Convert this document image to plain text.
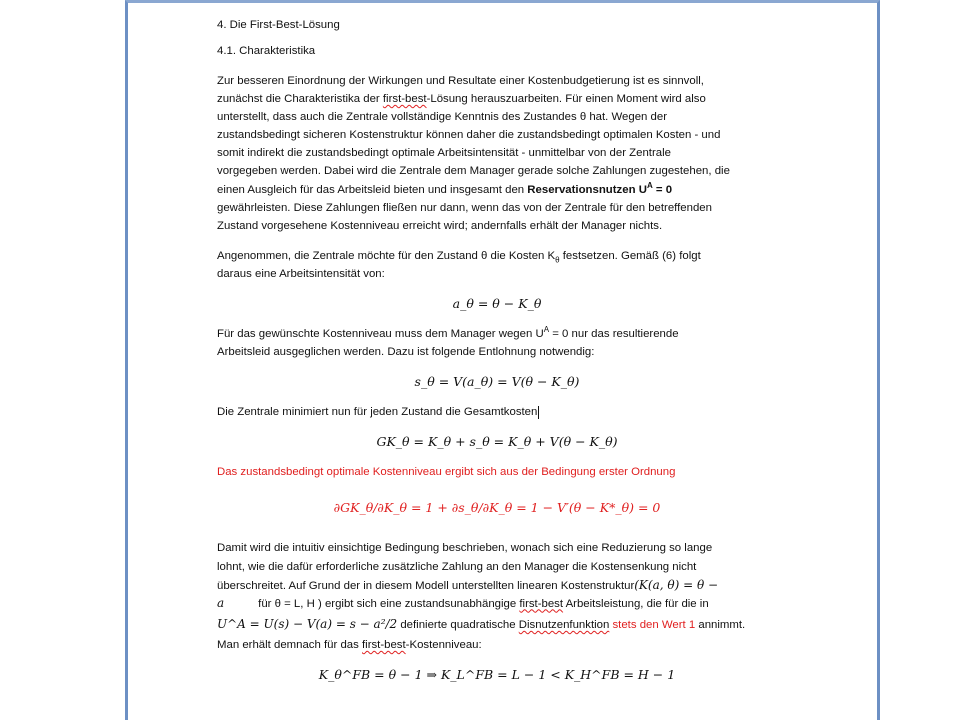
4. Die First-Best-Lösung
4.1. Charakteristika
Zur besseren Einordnung der Wirkungen und Resultate einer Kostenbudgetierung ist es sinnvoll,
zunächst die Charakteristika der first-best-Lösung herauszuarbeiten. Für einen Moment wird also
unterstellt, dass auch die Zentrale vollständige Kenntnis des Zustandes θ hat. Wegen der
zustandsbedingt sicheren Kostenstruktur können daher die zustandsbedingt optimalen Kosten - und
somit indirekt die zustandsbedingt optimale Arbeitsintensität - unmittelbar von der Zentrale
vorgegeben werden. Dabei wird die Zentrale dem Manager gerade solche Zahlungen zugestehen, die
einen Ausgleich für das Arbeitsleid bieten und insgesamt den Reservationsnutzen $U^A = 0$
gewährleisten. Diese Zahlungen fließen nur dann, wenn das von der Zentrale für den betreffenden
Zustand vorgesehene Kostenniveau erreicht wird; andernfalls erhält der Manager nichts.
Angenommen, die Zentrale möchte für den Zustand θ die Kosten $K_\theta$ festsetzen. Gemäß (6) folgt
daraus eine Arbeitsintensität von:
a_θ = θ − K_θ
Für das gewünschte Kostenniveau muss dem Manager wegen $U^A = 0$ nur das resultierende
Arbeitsleid ausgeglichen werden. Dazu ist folgende Entlohnung notwendig:
s_θ = V(a_θ) = V(θ − K_θ)
Die Zentrale minimiert nun für jeden Zustand die Gesamtkosten
GK_θ = K_θ + s_θ = K_θ + V(θ − K_θ)
Das zustandsbedingt optimale Kostenniveau ergibt sich aus der Bedingung erster Ordnung
∂GK_θ/∂K_θ = 1 + ∂s_θ/∂K_θ = 1 − V′(θ − K*_θ) = 0
Damit wird die intuitiv einsichtige Bedingung beschrieben, wonach sich eine Reduzierung so lange
lohnt, wie die dafür erforderliche zusätzliche Zahlung an den Manager die Kostensenkung nicht
überschreitet. Auf Grund der in diesem Modell unterstellten linearen Kostenstruktur(K(a, θ) = θ −
a	für θ = L, H ) ergibt sich eine zustandsunabhängige first-best Arbeitsleistung, die für die in
U^A = U(s) − V(a) = s − a²/2 definierte quadratische Disnutzenfunktion stets den Wert 1 annimmt.
Man erhält demnach für das first-best-Kostenniveau:
K_θ^FB = θ − 1 ⇒ K_L^FB = L − 1 < K_H^FB = H − 1
